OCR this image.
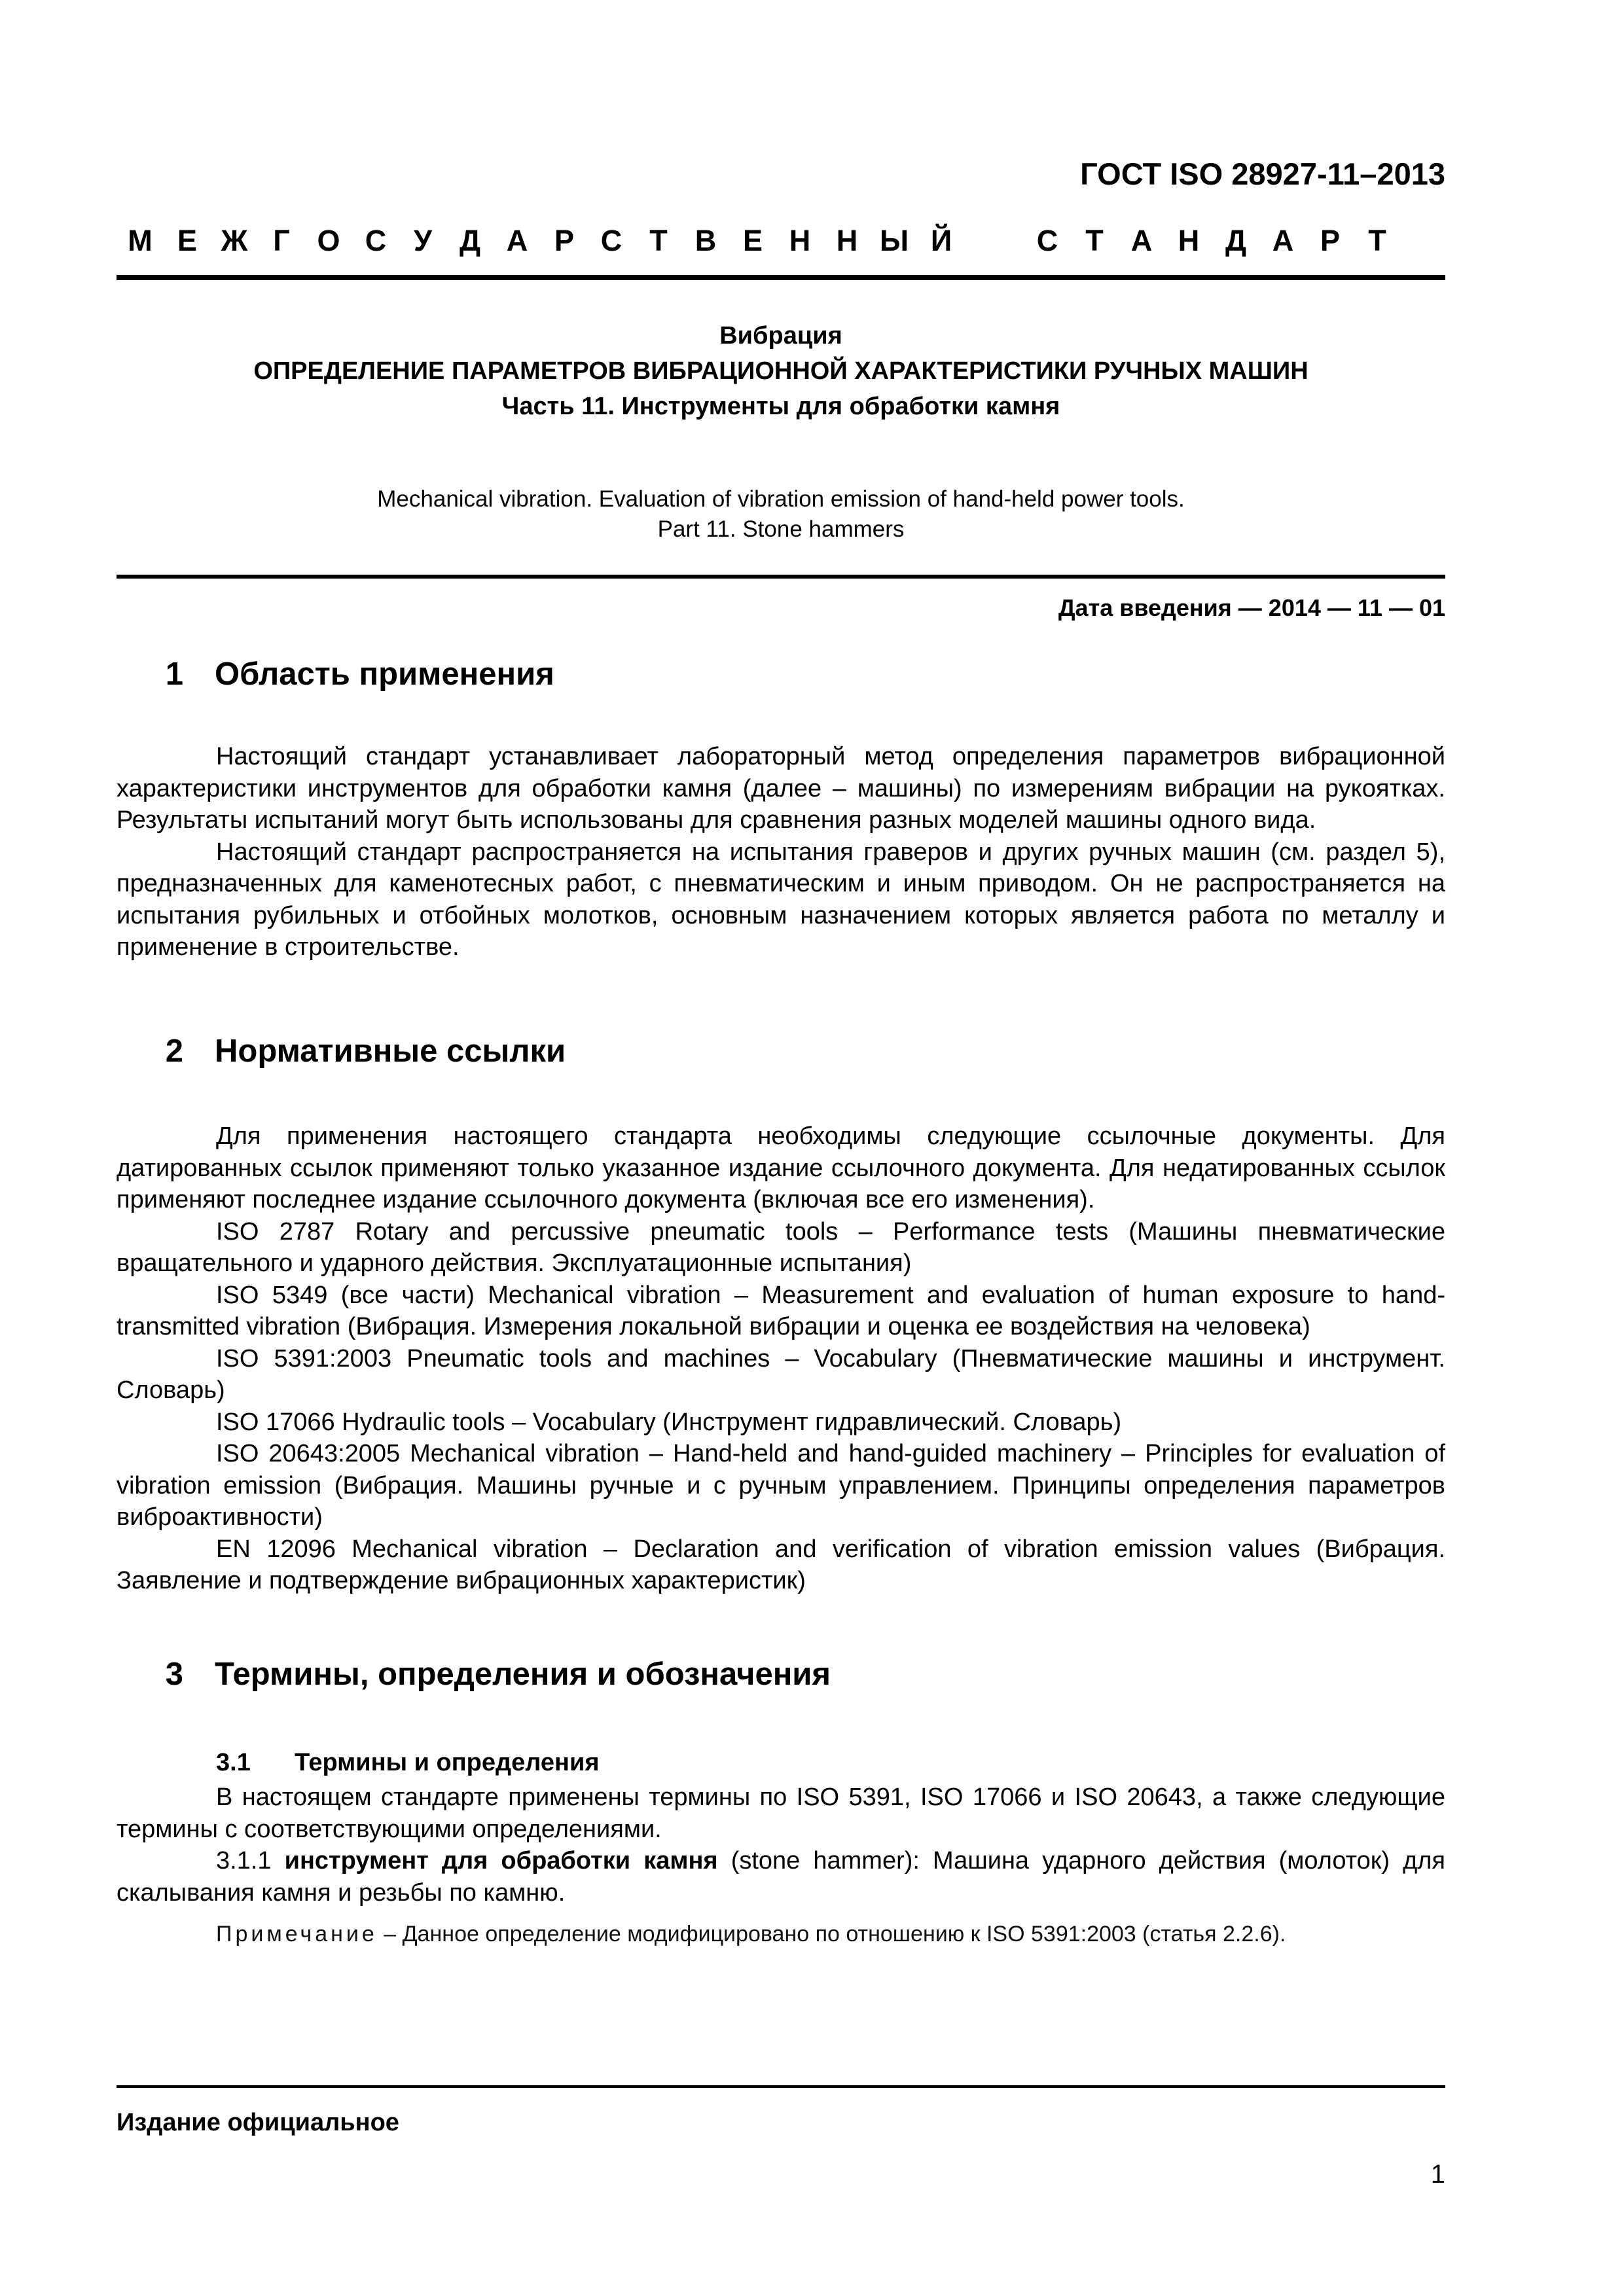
ГОСТ ISO 28927-11–2013
М Е Ж Г О С У Д А Р С Т В Е Н Н Ы Й	С Т А Н Д А Р Т
Вибрация
ОПРЕДЕЛЕНИЕ ПАРАМЕТРОВ ВИБРАЦИОННОЙ ХАРАКТЕРИСТИКИ РУЧНЫХ МАШИН
Часть 11. Инструменты для обработки камня
Mechanical vibration. Evaluation of vibration emission of hand-held power tools.
Part 11. Stone hammers
Дата введения — 2014 — 11 — 01
1 Область применения

Настоящий стандарт устанавливает лабораторный метод определения параметров вибрационной характеристики инструментов для обработки камня (далее – машины) по измерениям вибрации на рукоятках. Результаты испытаний могут быть использованы для сравнения разных моделей машины одного вида.

Настоящий стандарт распространяется на испытания граверов и других ручных машин (см. раздел 5), предназначенных для каменотесных работ, с пневматическим и иным приводом. Он не распространяется на испытания рубильных и отбойных молотков, основным назначением которых является работа по металлу и применение в строительстве.

2 Нормативные ссылки

Для применения настоящего стандарта необходимы следующие ссылочные документы. Для датированных ссылок применяют только указанное издание ссылочного документа. Для недатированных ссылок применяют последнее издание ссылочного документа (включая все его изменения).

ISO 2787 Rotary and percussive pneumatic tools – Performance tests (Машины пневматические вращательного и ударного действия. Эксплуатационные испытания)

ISO 5349 (все части) Mechanical vibration – Measurement and evaluation of human exposure to hand-transmitted vibration (Вибрация. Измерения локальной вибрации и оценка ее воздействия на человека)

ISO 5391:2003 Pneumatic tools and machines – Vocabulary (Пневматические машины и инструмент. Словарь)

ISO 17066 Hydraulic tools – Vocabulary (Инструмент гидравлический. Словарь)

ISO 20643:2005 Mechanical vibration – Hand-held and hand-guided machinery – Principles for evaluation of vibration emission (Вибрация. Машины ручные и с ручным управлением. Принципы определения параметров виброактивности)

EN 12096 Mechanical vibration – Declaration and verification of vibration emission values (Вибрация. Заявление и подтверждение вибрационных характеристик)

3 Термины, определения и обозначения
3.1 Термины и определения

В настоящем стандарте применены термины по ISO 5391, ISO 17066 и ISO 20643, а также следующие термины с соответствующими определениями.

3.1.1 инструмент для обработки камня (stone hammer): Машина ударного действия (молоток) для скалывания камня и резьбы по камню.

Примечание – Данное определение модифицировано по отношению к ISO 5391:2003 (статья 2.2.6).
Издание официальное
1
